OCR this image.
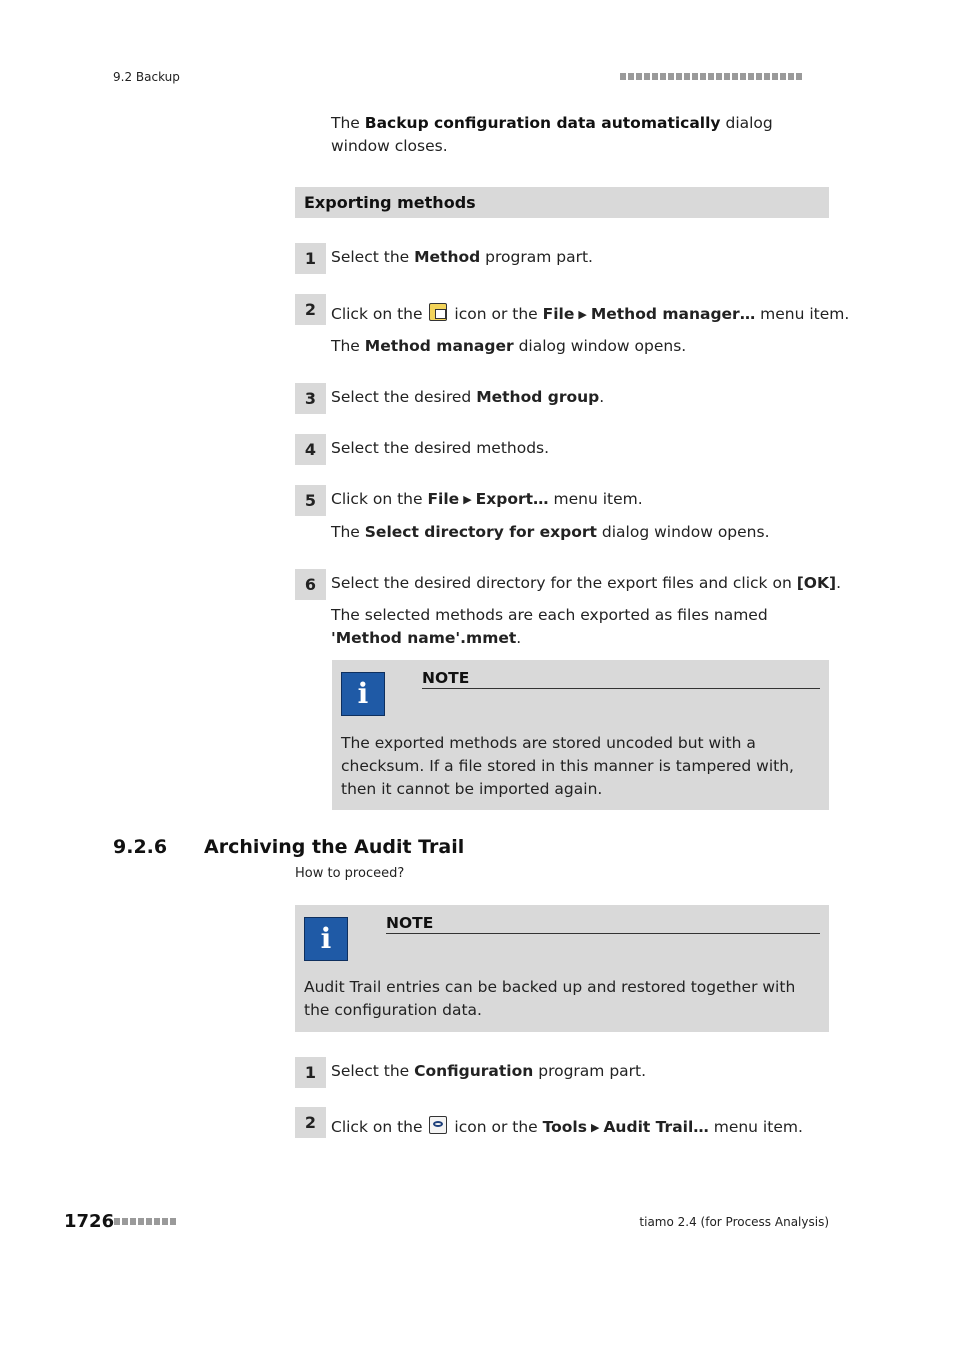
9.2 Backup
The Backup configuration data automatically dialog window closes.
Exporting methods
1 Select the Method program part.
2 Click on the  icon or the File ▶ Method manager… menu item.
The Method manager dialog window opens.
3 Select the desired Method group.
4 Select the desired methods.
5 Click on the File ▶ Export… menu item.
The Select directory for export dialog window opens.
6 Select the desired directory for the export files and click on [OK].
The selected methods are each exported as files named 'Method name'.mmet.
i	NOTE
The exported methods are stored uncoded but with a checksum. If a file stored in this manner is tampered with, then it cannot be imported again.
9.2.6 Archiving the Audit Trail
How to proceed?
i	NOTE
Audit Trail entries can be backed up and restored together with the configuration data.
1 Select the Configuration program part.
2 Click on the  icon or the Tools ▶ Audit Trail… menu item.
1726	tiamo 2.4 (for Process Analysis)
